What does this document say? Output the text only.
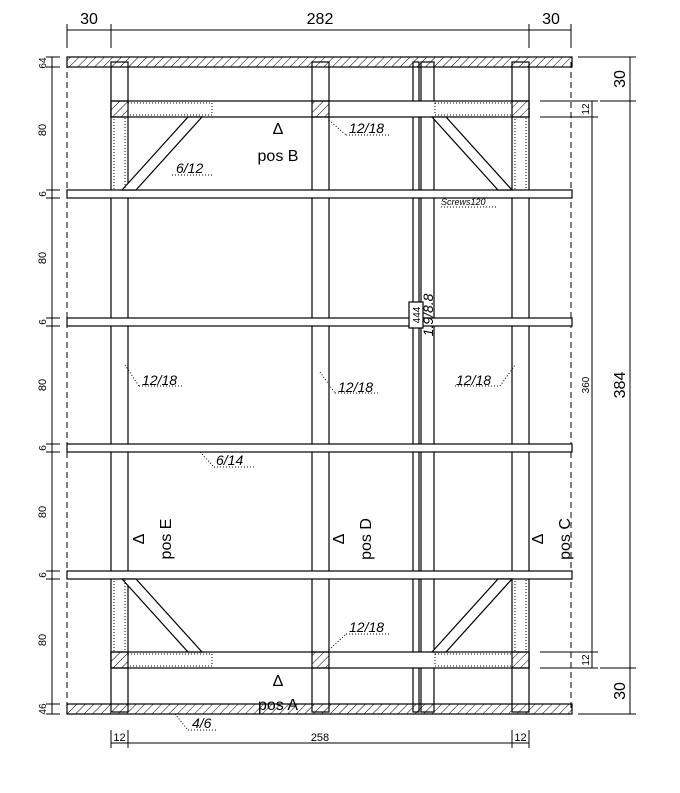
30	282	30
12	258	12
64
80
6
80
6
80
6
80
6
80
46
12
360
12
30
384
30
12/18
6/12
Screws120
12/18	12/18	12/18
6/14
12/18
4/6
444
1.9/8.8
Δ
pos B
Δ
pos A
Δ pos E	Δ pos D	Δ pos C
